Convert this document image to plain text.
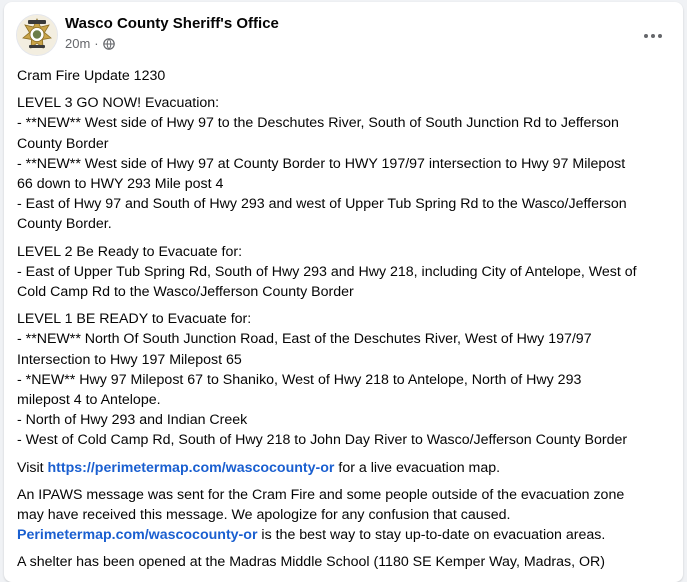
Wasco County Sheriff's Office
20m ·
Cram Fire Update 1230
LEVEL 3 GO NOW! Evacuation:
- **NEW** West side of Hwy 97 to the Deschutes River, South of South Junction Rd to Jefferson
County Border
- **NEW** West side of Hwy 97 at County Border to HWY 197/97 intersection to Hwy 97 Milepost
66 down to HWY 293 Mile post 4
- East of Hwy 97 and South of Hwy 293 and west of Upper Tub Spring Rd to the Wasco/Jefferson
County Border.
LEVEL 2 Be Ready to Evacuate for:
- East of Upper Tub Spring Rd, South of Hwy 293 and Hwy 218, including City of Antelope, West of
Cold Camp Rd to the Wasco/Jefferson County Border
LEVEL 1 BE READY to Evacuate for:
- **NEW** North Of South Junction Road, East of the Deschutes River, West of Hwy 197/97
Intersection to Hwy 197 Milepost 65
- *NEW** Hwy 97 Milepost 67 to Shaniko, West of Hwy 218 to Antelope, North of Hwy 293
milepost 4 to Antelope.
- North of Hwy 293 and Indian Creek
- West of Cold Camp Rd, South of Hwy 218 to John Day River to Wasco/Jefferson County Border
Visit https://perimetermap.com/wascocounty-or for a live evacuation map.
An IPAWS message was sent for the Cram Fire and some people outside of the evacuation zone
may have received this message. We apologize for any confusion that caused.
Perimetermap.com/wascocounty-or is the best way to stay up-to-date on evacuation areas.
A shelter has been opened at the Madras Middle School (1180 SE Kemper Way, Madras, OR)
